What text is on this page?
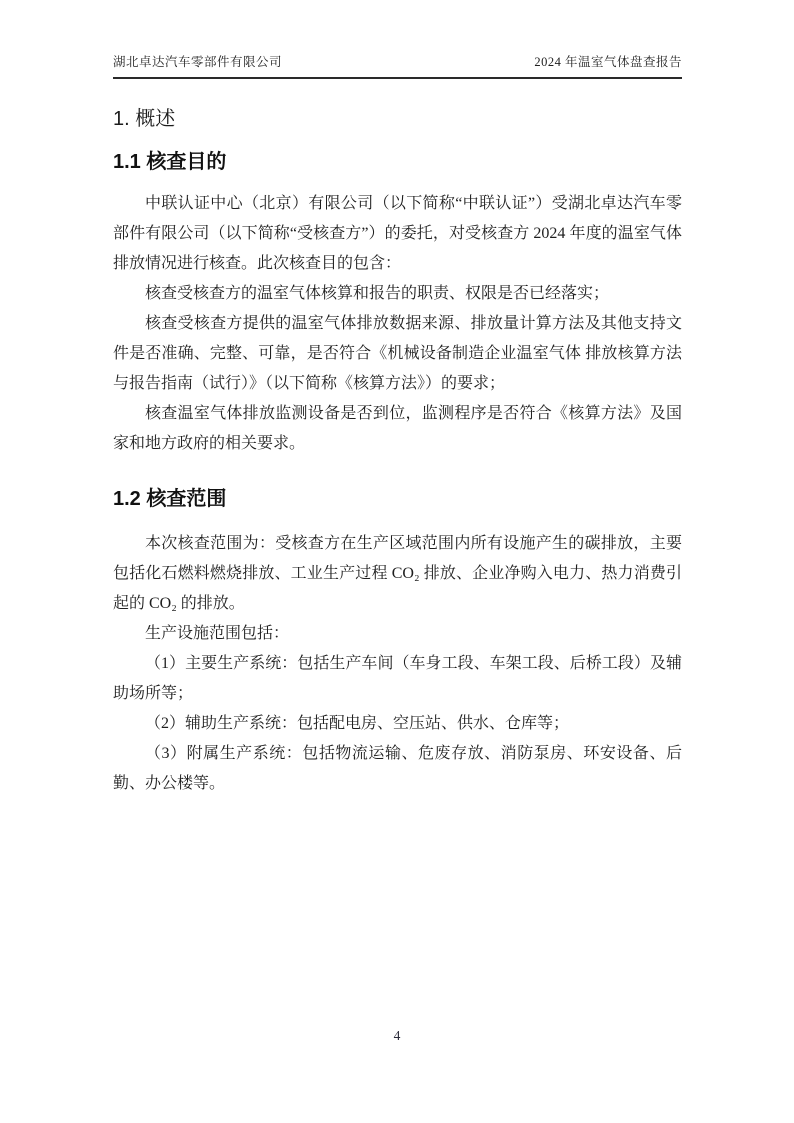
湖北卓达汽车零部件有限公司	2024 年温室气体盘查报告
1. 概述
1.1 核查目的

中联认证中心（北京）有限公司（以下简称“中联认证”）受湖北卓达汽车零部件有限公司（以下简称“受核查方”）的委托，对受核查方 2024 年度的温室气体排放情况进行核查。此次核查目的包含：

核查受核查方的温室气体核算和报告的职责、权限是否已经落实；

核查受核查方提供的温室气体排放数据来源、排放量计算方法及其他支持文件是否准确、完整、可靠，是否符合《机械设备制造企业温室气体 排放核算方法与报告指南（试行）》（以下简称《核算方法》）的要求；

核查温室气体排放监测设备是否到位，监测程序是否符合《核算方法》及国家和地方政府的相关要求。

1.2 核查范围

本次核查范围为：受核查方在生产区域范围内所有设施产生的碳排放，主要包括化石燃料燃烧排放、工业生产过程 CO₂ 排放、企业净购入电力、热力消费引起的 CO₂ 的排放。

生产设施范围包括：

（1）主要生产系统：包括生产车间（车身工段、车架工段、后桥工段）及辅助场所等；

（2）辅助生产系统：包括配电房、空压站、供水、仓库等；

（3）附属生产系统：包括物流运输、危废存放、消防泵房、环安设备、后勤、办公楼等。

4
